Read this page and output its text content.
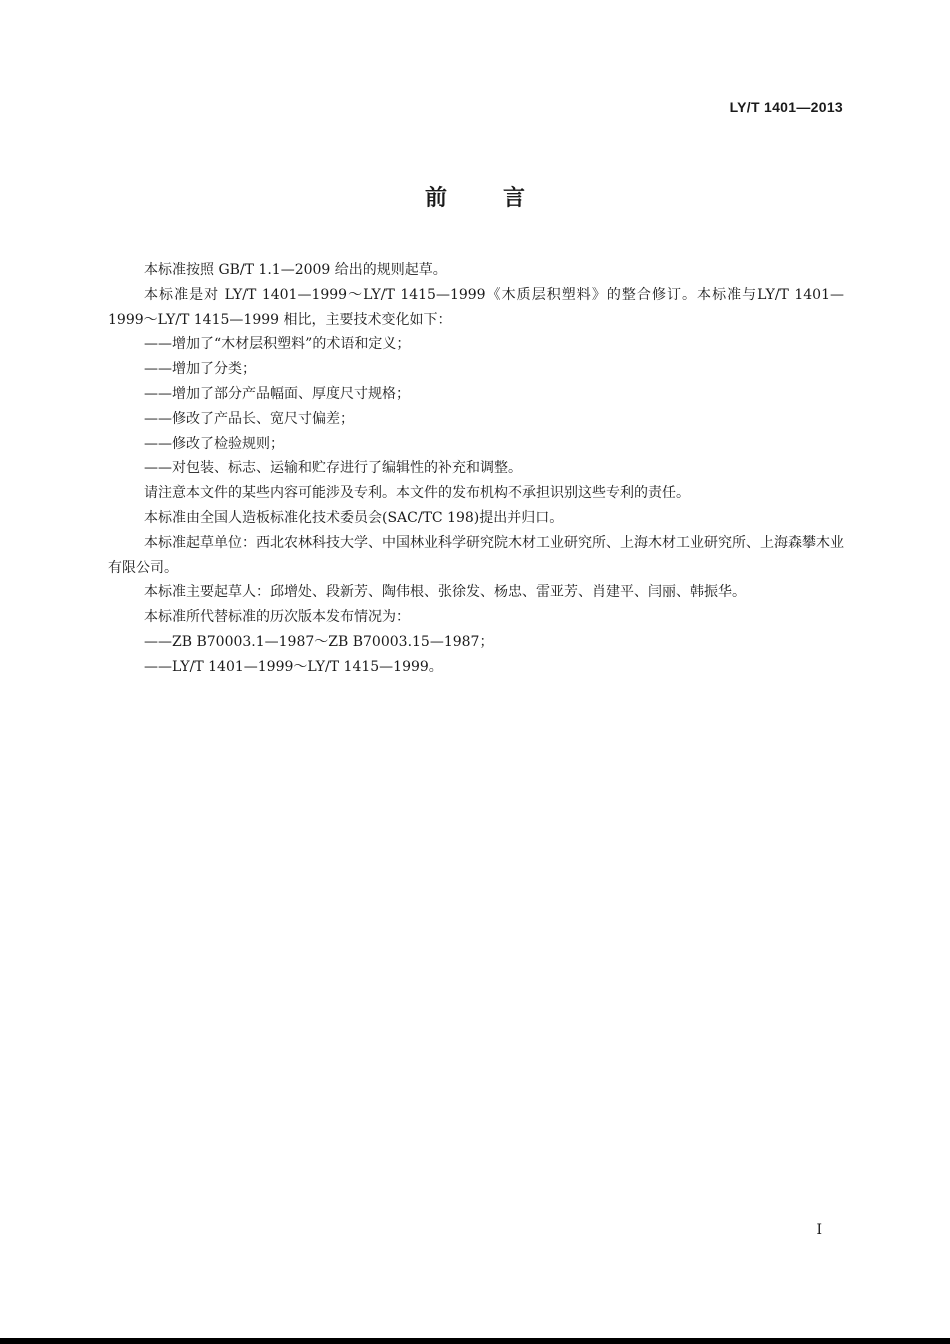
LY/T 1401—2013
前	言

本标准按照 GB/T 1.1—2009 给出的规则起草。

本标准是对 LY/T 1401—1999～LY/T 1415—1999《木质层积塑料》的整合修订。本标准与LY/T 1401—1999～LY/T 1415—1999 相比，主要技术变化如下：

——增加了“木材层积塑料”的术语和定义；

——增加了分类；

——增加了部分产品幅面、厚度尺寸规格；

——修改了产品长、宽尺寸偏差；

——修改了检验规则；

——对包装、标志、运输和贮存进行了编辑性的补充和调整。

请注意本文件的某些内容可能涉及专利。本文件的发布机构不承担识别这些专利的责任。

本标准由全国人造板标准化技术委员会(SAC/TC 198)提出并归口。

本标准起草单位：西北农林科技大学、中国林业科学研究院木材工业研究所、上海木材工业研究所、上海森攀木业有限公司。

本标准主要起草人：邱增处、段新芳、陶伟根、张徐发、杨忠、雷亚芳、肖建平、闫丽、韩振华。

本标准所代替标准的历次版本发布情况为：

——ZB B70003.1—1987～ZB B70003.15—1987；

——LY/T 1401—1999～LY/T 1415—1999。

I
